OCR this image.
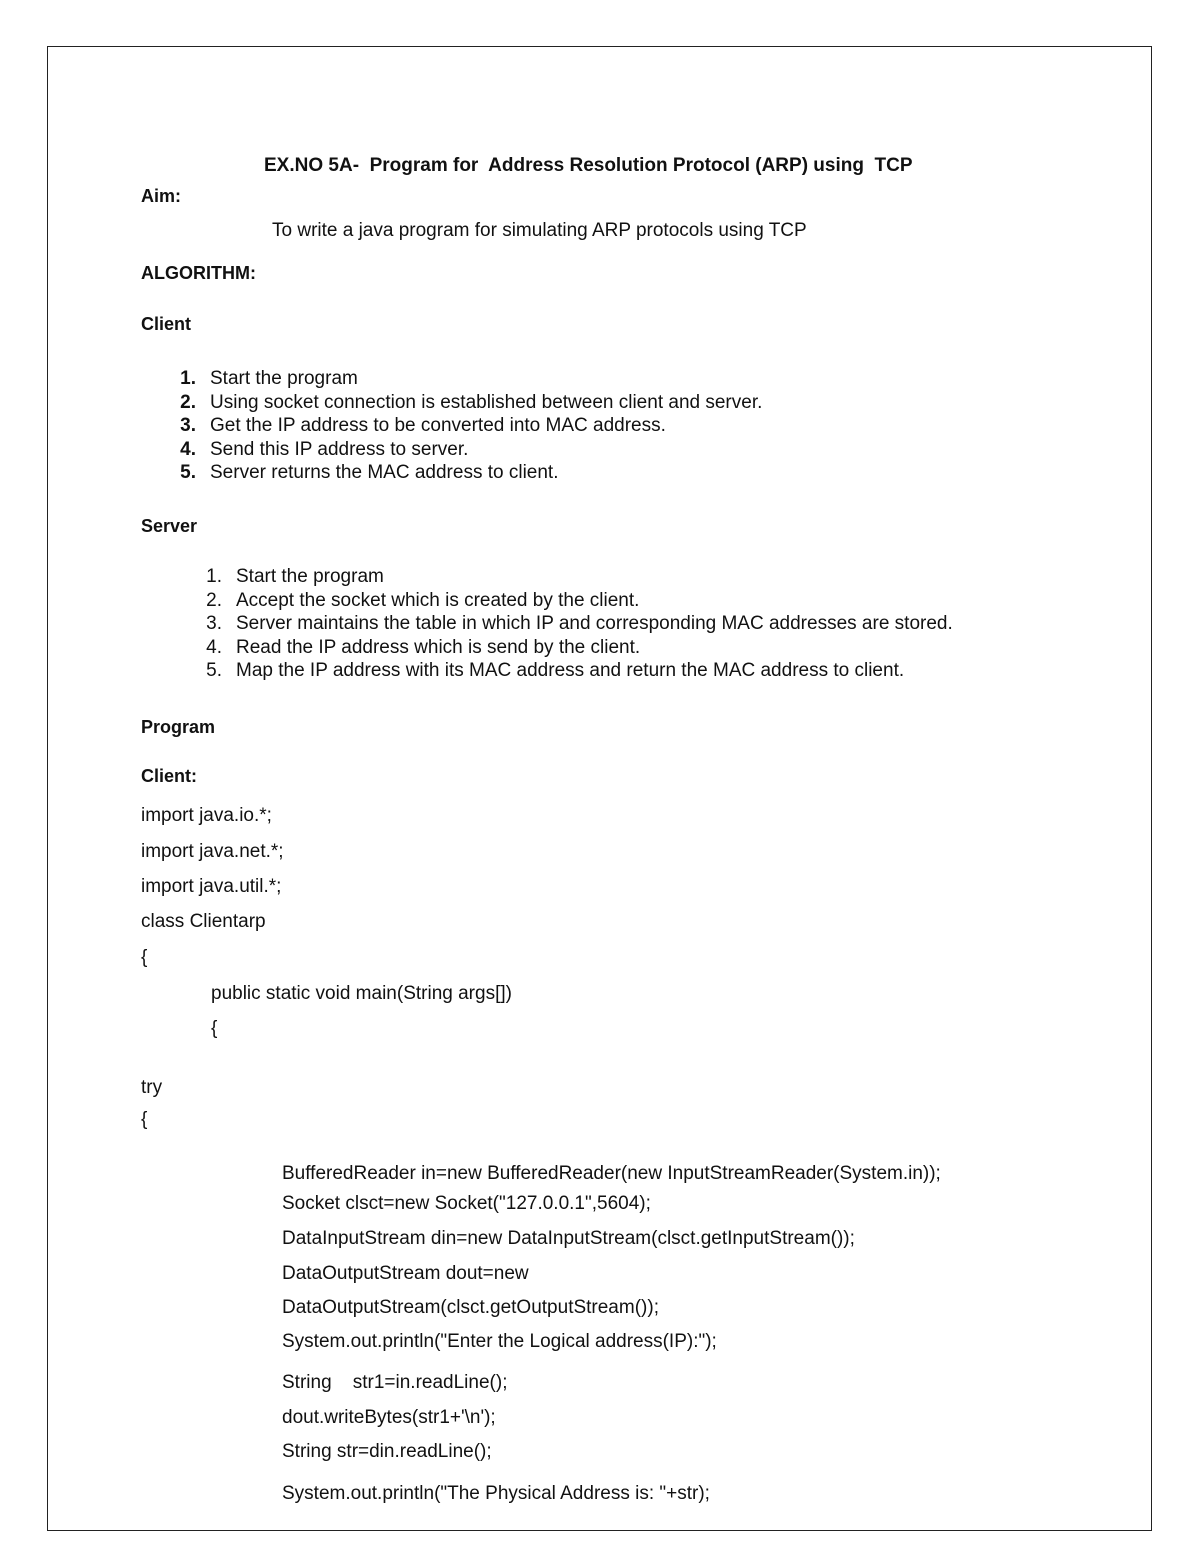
EX.NO 5A-  Program for  Address Resolution Protocol (ARP) using  TCP
Aim:
To write a java program for simulating ARP protocols using TCP
ALGORITHM:
Client
1. Start the program
2. Using socket connection is established between client and server.
3. Get the IP address to be converted into MAC address.
4. Send this IP address to server.
5. Server returns the MAC address to client.
Server
1. Start the program
2. Accept the socket which is created by the client.
3. Server maintains the table in which IP and corresponding MAC addresses are stored.
4. Read the IP address which is send by the client.
5. Map the IP address with its MAC address and return the MAC address to client.
Program
Client:
import java.io.*;
import java.net.*;
import java.util.*;
class Clientarp
{
public static void main(String args[])
{
try
{
BufferedReader in=new BufferedReader(new InputStreamReader(System.in));
Socket clsct=new Socket("127.0.0.1",5604);
DataInputStream din=new DataInputStream(clsct.getInputStream());
DataOutputStream dout=new
DataOutputStream(clsct.getOutputStream());
System.out.println("Enter the Logical address(IP):");
String    str1=in.readLine();
dout.writeBytes(str1+'\n');
String str=din.readLine();
System.out.println("The Physical Address is: "+str);
